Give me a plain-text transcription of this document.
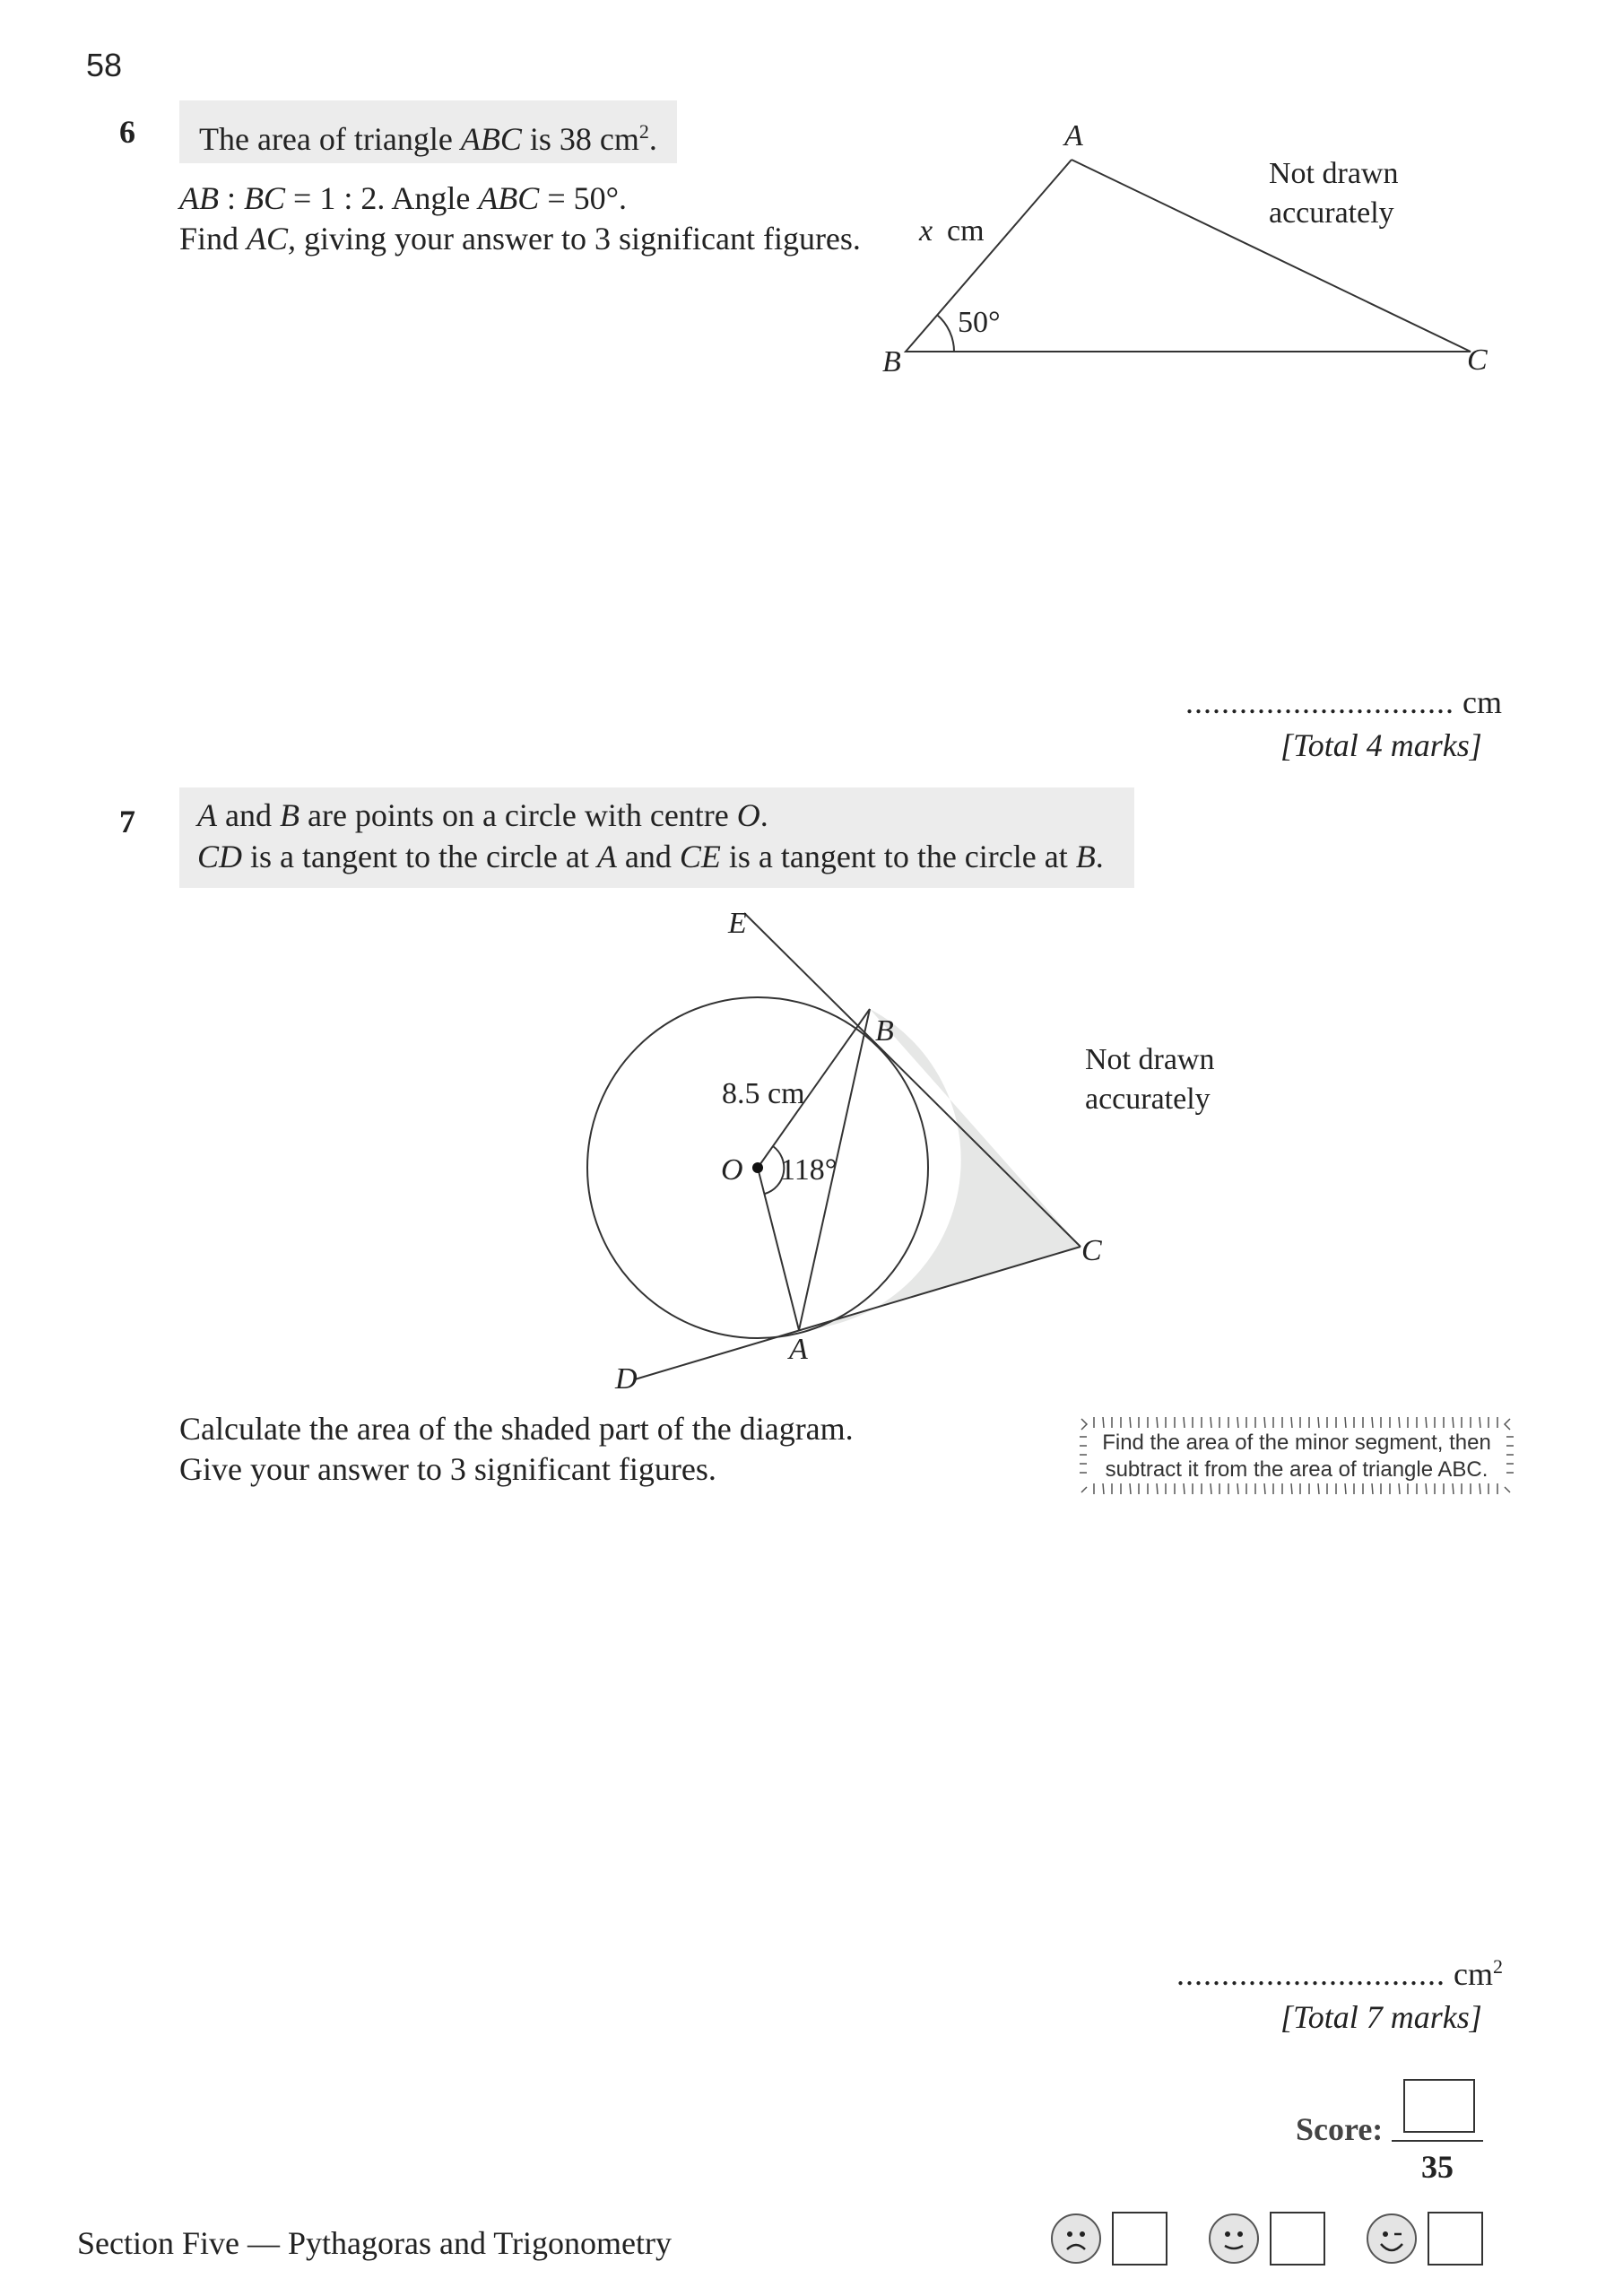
58
6	The area of triangle ABC is 38 $cm^2$.
AB : BC = 1 : 2. Angle ABC = 50°.
Find AC, giving your answer to 3 significant figures.
A
B	C
x cm
50°
Not drawn
accurately
.............................. cm
[Total 4 marks]
7 A and B are points on a circle with centre O.
CD is a tangent to the circle at A and CE is a tangent to the circle at B.
E
B
O
A
C
D
8.5 cm
118°
Not drawn
accurately
Calculate the area of the shaded part of the diagram.
Give your answer to 3 significant figures.
Find the area of the minor segment, then
subtract it from the area of triangle ABC.
.............................. $cm^2$
[Total 7 marks]
Score:
35
Section Five — Pythagoras and Trigonometry
